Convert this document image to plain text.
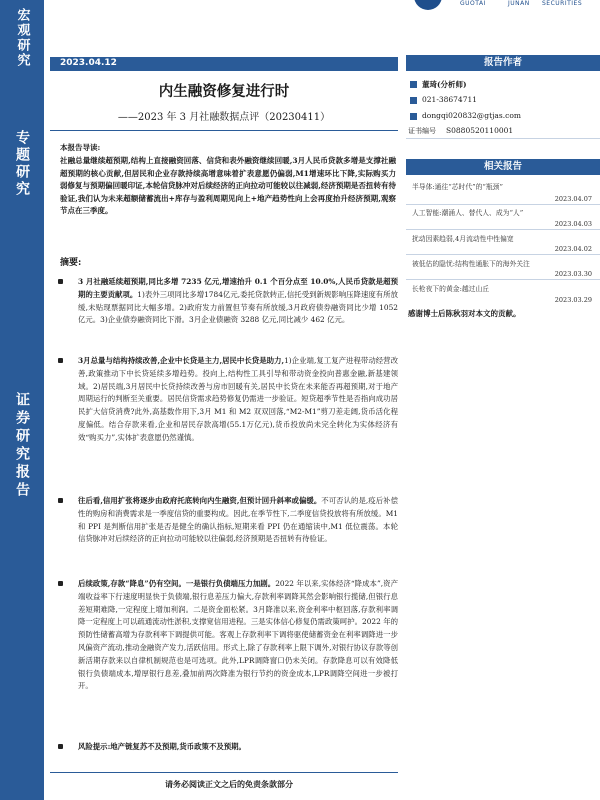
宏观研究
专题研究
证券研究报告
GUOTAI	JUNAN SECURITIES
2023.04.12
内生融资修复进行时
——2023 年 3 月社融数据点评（20230411）
本报告导读:
社融总量继续超预期,结构上直接融资回落、信贷和表外融资继续回暖,3月人民币贷款多增是支撑社融超预期的核心贡献,但居民和企业存款持续高增意味着扩表意愿仍偏弱,M1增速环比下降,实际购买力弱修复与预期偏回暖印证,本轮信贷脉冲对后续经济的正向拉动可能较以往减弱,经济预期是否扭转有待验证,我们认为未来超额储蓄流出+库存与盈利周期见向上+地产趋势性向上会再度抬升经济预期,观察节点在三季度。
摘要:
3 月社融延续超预期,同比多增 7235 亿元,增速抬升 0.1 个百分点至 10.0%,人民币贷款是超预期的主要贡献项。1)表外三项同比多增1784亿元,委托贷款转正,信托受到新规影响压降速度有所放缓,未贴现票据同比大幅多增。2)政府发力前置但节奏有所放缓,3月政府债券融资同比少增 1052 亿元。3)企业债券融资同比下滑。3月企业债融资 3288 亿元,同比减少 462 亿元。
3月总量与结构持续改善,企业中长贷是主力,居民中长贷是助力,1)企业端,复工复产进程带动经营改善,政策推动下中长贷延续多增趋势。投向上,结构性工具引导和带动资金投向普惠金融,新基建领域。2)居民端,3月居民中长贷持续改善与房市回暖有关,居民中长贷在未来能否再超预期,对于地产周期运行的判断至关重要。居民信贷需求趋势修复仍需进一步验证。短贷超季节性是否指向成功居民扩大信贷消费?此外,高基数作用下,3月 M1 和 M2 双双回落,“M2-M1”剪刀差走阔,货币活化程度偏低。结合存款来看,企业和居民存款高增(55.1万亿元),货币投放尚未完全转化为实体经济有效“购买力”,实体扩表意愿仍然谨慎。
往后看,信用扩张将逐步由政府托底转向内生融资,但预计回升斜率或偏缓。不可否认的是,疫后补偿性的购房和消费需求是一季度信贷的重要构成。因此,在季节性下,二季度信贷投放将有所放缓。M1 和 PPI 是判断信用扩张是否是健全的确认指标,短期来看 PPI 仍在通缩读中,M1 低位震荡。本轮信贷脉冲对后续经济的正向拉动可能较以往偏弱,经济预期是否扭转有待验证。
后续政策,存款“降息”仍有空间。一是银行负债端压力加剧。2022 年以来,实体经济“降成本”,资产端收益率下行速度明显快于负债端,银行息差压力偏大,存款利率调降其然会影响银行揽储,但银行息差短期难降,一定程度上增加利润。二是资金面松紧。3月降准以来,资金利率中枢回落,存款利率调降一定程度上可以疏通流动性淤积,支撑宽信用进程。三是实体信心修复仍需政策呵护。2022 年的预防性储蓄高增为存款利率下调提供可能。客观上存款利率下调将驱使储蓄资金在利率调降进一步风偏资产流动,推动金融资产发力,活跃信用。形式上,除了存款利率上限下调外,对银行协议存款等创新活期存款来以自律机制规范也是可选项。此外,LPR调降窗口仍未关闭。存款降息可以有效降低银行负债端成本,增厚银行息差,叠加前两次降准为银行节约的资金成本,LPR调降空间进一步被打开。
风险提示:地产链复苏不及预期,货币政策不及预期。
请务必阅读正文之后的免责条款部分
报告作者
董琦(分析师)
021-38674711
dongqi020832@gtjas.com
证书编号 S0880520110001
相关报告
半导体:通往“芯时代”的“瓶颈”
2023.04.07
人工智能:潮涌人、替代人、成为“人”
2023.04.03
扰动因素趋弱,4月流动性中性偏宽
2023.04.02
被低估的隐忧:结构性通胀下的海外关注
2023.03.30
长枪夜下的黄金:越过山丘
2023.03.29
感谢博士后陈秋羽对本文的贡献。
